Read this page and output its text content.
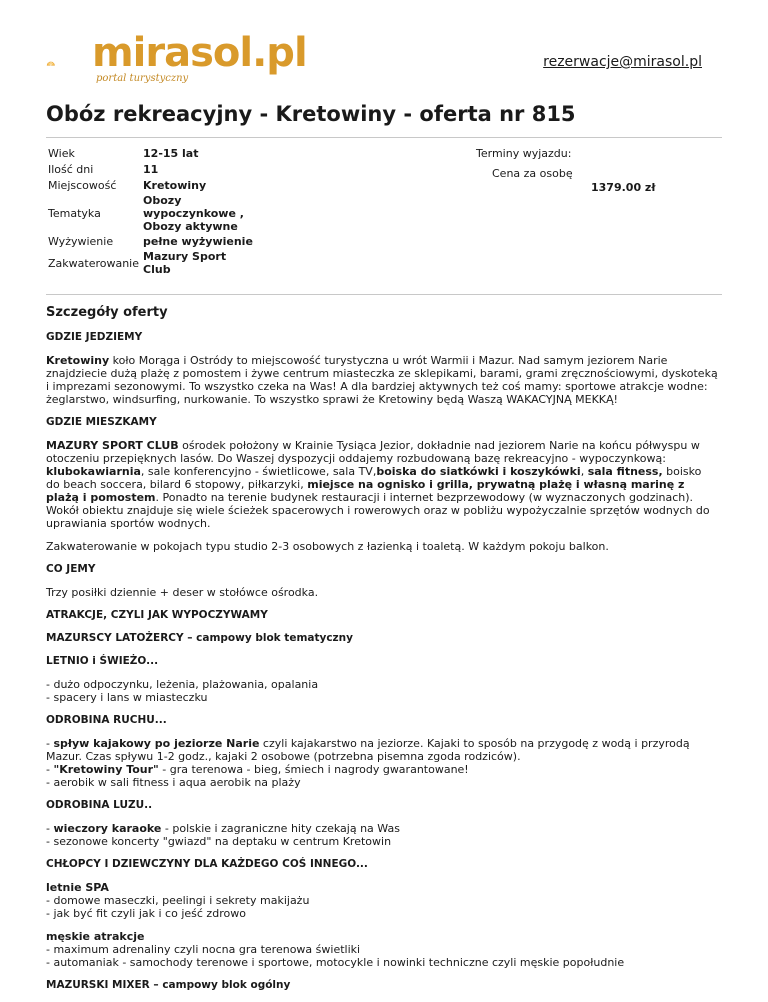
mirasol.pl
portal turystyczny
rezerwacje@mirasol.pl
Obóz rekreacyjny - Kretowiny - oferta nr 815
Wiek	12-15 lat
Ilość dni	11
Miejscowość	Kretowiny
Tematyka	Obozy wypoczynkowe , Obozy aktywne
Wyżywienie	pełne wyżywienie
Zakwaterowanie	Mazury Sport Club
Terminy wyjazdu:
Cena za osobę
1379.00 zł
Szczegóły oferty

GDZIE JEDZIEMY

Kretowiny koło Morąga i Ostródy to miejscowość turystyczna u wrót Warmii i Mazur. Nad samym jeziorem Narie znajdziecie dużą plażę z pomostem i żywe centrum miasteczka ze sklepikami, barami, grami zręcznościowymi, dyskoteką i imprezami sezonowymi. To wszystko czeka na Was! A dla bardziej aktywnych też coś mamy: sportowe atrakcje wodne: żeglarstwo, windsurfing, nurkowanie. To wszystko sprawi że Kretowiny będą Waszą WAKACYJNĄ MEKKĄ!

GDZIE MIESZKAMY

MAZURY SPORT CLUB ośrodek położony w Krainie Tysiąca Jezior, dokładnie nad jeziorem Narie na końcu półwyspu w otoczeniu przepięknych lasów. Do Waszej dyspozycji oddajemy rozbudowaną bazę rekreacyjno - wypoczynkową: klubokawiarnia, sale konferencyjno - świetlicowe, sala TV,boiska do siatkówki i koszykówki, sala fitness, boisko do beach soccera, bilard 6 stopowy, piłkarzyki, miejsce na ognisko i grilla, prywatną plażę i własną marinę z plażą i pomostem. Ponadto na terenie budynek restauracji i internet bezprzewodowy (w wyznaczonych godzinach). Wokół obiektu znajduje się wiele ścieżek spacerowych i rowerowych oraz w pobliżu wypożyczalnie sprzętów wodnych do uprawiania sportów wodnych.

Zakwaterowanie w pokojach typu studio 2-3 osobowych z łazienką i toaletą. W każdym pokoju balkon.

CO JEMY

Trzy posiłki dziennie + deser w stołówce ośrodka.

ATRAKCJE, CZYLI JAK WYPOCZYWAMY

MAZURSCY LATOŻERCY – campowy blok tematyczny

LETNIO i ŚWIEŻO...

- dużo odpoczynku, leżenia, plażowania, opalania
- spacery i lans w miasteczku

ODROBINA RUCHU...

- spływ kajakowy po jeziorze Narie czyli kajakarstwo na jeziorze. Kajaki to sposób na przygodę z wodą i przyrodą Mazur. Czas spływu 1-2 godz., kajaki 2 osobowe (potrzebna pisemna zgoda rodziców).
- "Kretowiny Tour" - gra terenowa - bieg, śmiech i nagrody gwarantowane!
- aerobik w sali fitness i aqua aerobik na plaży

ODROBINA LUZU..

- wieczory karaoke - polskie i zagraniczne hity czekają na Was
- sezonowe koncerty "gwiazd" na deptaku w centrum Kretowin

CHŁOPCY I DZIEWCZYNY DLA KAŻDEGO COŚ INNEGO...

letnie SPA
- domowe maseczki, peelingi i sekrety makijażu
- jak być fit czyli jak i co jeść zdrowo

męskie atrakcje
- maximum adrenaliny czyli nocna gra terenowa świetliki
- automaniak - samochody terenowe i sportowe, motocykle i nowinki techniczne czyli męskie popołudnie

MAZURSKI MIXER – campowy blok ogólny
